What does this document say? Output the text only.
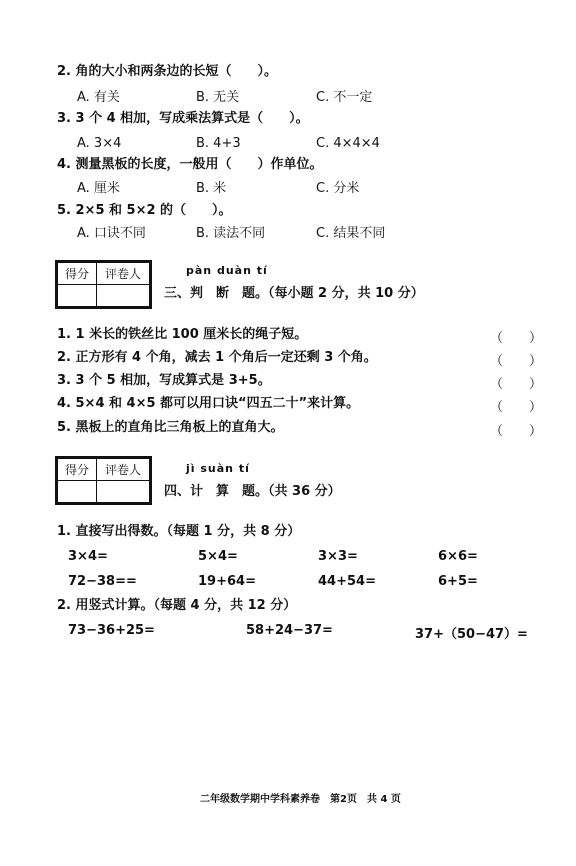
2. 角的大小和两条边的长短（　　）。
A. 有关	B. 无关	C. 不一定
3. 3 个 4 相加，写成乘法算式是（　　）。
A. 3×4	B. 4+3	C. 4×4×4
4. 测量黑板的长度，一般用（　　）作单位。
A. 厘米	B. 米	C. 分米
5. 2×5 和 5×2 的（　　）。
A. 口诀不同	B. 读法不同	C. 结果不同
得分	评卷人
		pàn duàn tí
三、判　断　题。（每小题 2 分，共 10 分）
1. 1 米长的铁丝比 100 厘米长的绳子短。	（　　）
2. 正方形有 4 个角，减去 1 个角后一定还剩 3 个角。	（　　）
3. 3 个 5 相加，写成算式是 3+5。	（　　）
4. 5×4 和 4×5 都可以用口诀“四五二十”来计算。	（　　）
5. 黑板上的直角比三角板上的直角大。	（　　）
得分	评卷人
		jì suàn tí
四、计　算　题。（共 36 分）
1. 直接写出得数。（每题 1 分，共 8 分）
3×4=	5×4=	3×3=	6×6=
72−38==	19+64=	44+54=	6+5=
2. 用竖式计算。（每题 4 分，共 12 分）
73−36+25=	58+24−37=	37+（50−47）=
二年级数学期中学科素养卷　第2页　共 4 页
